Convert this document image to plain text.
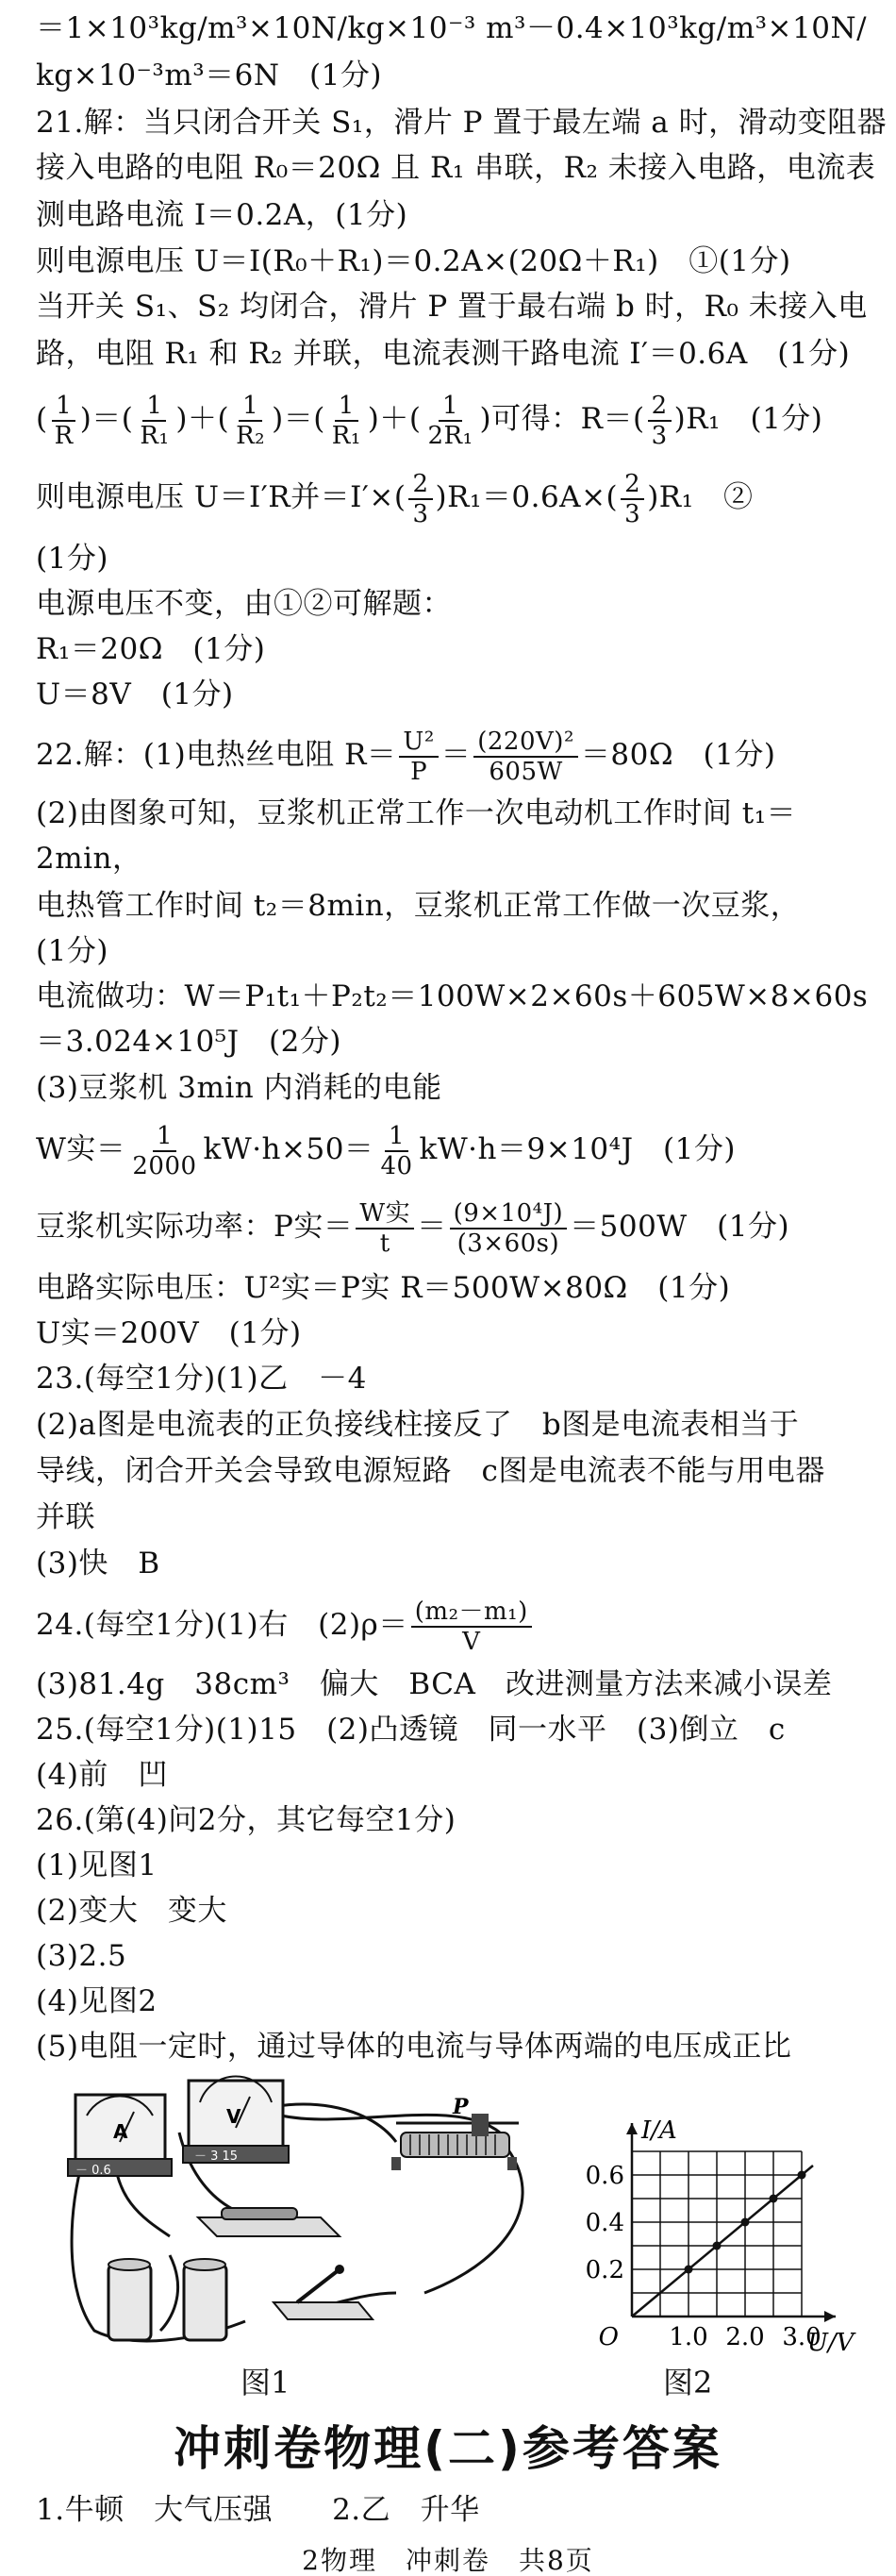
＝1×10³kg/m³×10N/kg×10⁻³ m³－0.4×10³kg/m³×10N/
kg×10⁻³m³＝6N　(1分)
21.解：当只闭合开关 S₁，滑片 P 置于最左端 a 时，滑动变阻器
接入电路的电阻 R₀＝20Ω 且 R₁ 串联，R₂ 未接入电路，电流表
测电路电流 I＝0.2A，(1分)
则电源电压 U＝I(R₀＋R₁)＝0.2A×(20Ω＋R₁)　①(1分)
当开关 S₁、S₂ 均闭合，滑片 P 置于最右端 b 时，R₀ 未接入电
路，电阻 R₁ 和 R₂ 并联，电流表测干路电流 I′＝0.6A　(1分)
( $\frac{1}{R}$ )＝( $\frac{1}{\text{R₁}}$ )＋( $\frac{1}{\text{R₂}}$ )＝( $\frac{1}{\text{R₁}}$ )＋( $\frac{1}{\text{2R₁}}$ )可得：$R=( \frac{2}{3} )R_1$　(1分)
则电源电压 U＝I′R并$=I'\times( \frac{2}{3} )R_1=0.6A\times( \frac{2}{3} )R_1$　②
(1分)
电源电压不变，由①②可解题：
R₁＝20Ω　(1分)
U＝8V　(1分)
22.解：(1)电热丝电阻 $R= \frac{\text{U²}}{P} = \frac{\text{(220V)²}}{605W} =80\Omega$　(1分)
(2)由图象可知，豆浆机正常工作一次电动机工作时间 t₁＝
2min，
电热管工作时间 t₂＝8min，豆浆机正常工作做一次豆浆，
(1分)
电流做功：W＝P₁t₁＋P₂t₂＝100W×2×60s＋605W×8×60s
＝3.024×10⁵J　(2分)
(3)豆浆机 3min 内消耗的电能
W实＝ $\frac{1}{2000} kW\cdot h\times 50= \frac{1}{40} kW\cdot h=9\times 10^4J$　(1分)
豆浆机实际功率：P实＝ $\frac{\text{W实}}{t} = \frac{\text{(9×10⁴J)}}{(3\times 60s)} =500W$　(1分)
电路实际电压：U²实＝P实 R＝500W×80Ω　(1分)
U实＝200V　(1分)
23.(每空1分)(1)乙　－4
(2)a图是电流表的正负接线柱接反了　b图是电流表相当于
导线，闭合开关会导致电源短路　c图是电流表不能与用电器
并联
(3)快　B
24.(每空1分)(1)右　$(2)\rho= \frac{\text{(m₂－m₁)}}{V}$
(3)81.4g　38cm³　偏大　BCA　改进测量方法来减小误差
25.(每空1分)(1)15　(2)凸透镜　同一水平　(3)倒立　c
(4)前　凹
26.(第(4)问2分，其它每空1分)
(1)见图1
(2)变大　变大
(3)2.5
(4)见图2
(5)电阻一定时，通过导体的电流与导体两端的电压成正比
A
－ 0.6
V
－ 3 15
P
0.2
0.4
0.6
1.0 2.0 3.0
O
I/A
U/V
图1	图2
冲刺卷物理(二)参考答案
1.牛顿　大气压强　　2.乙　升华
2物理　冲刺卷　共8页
